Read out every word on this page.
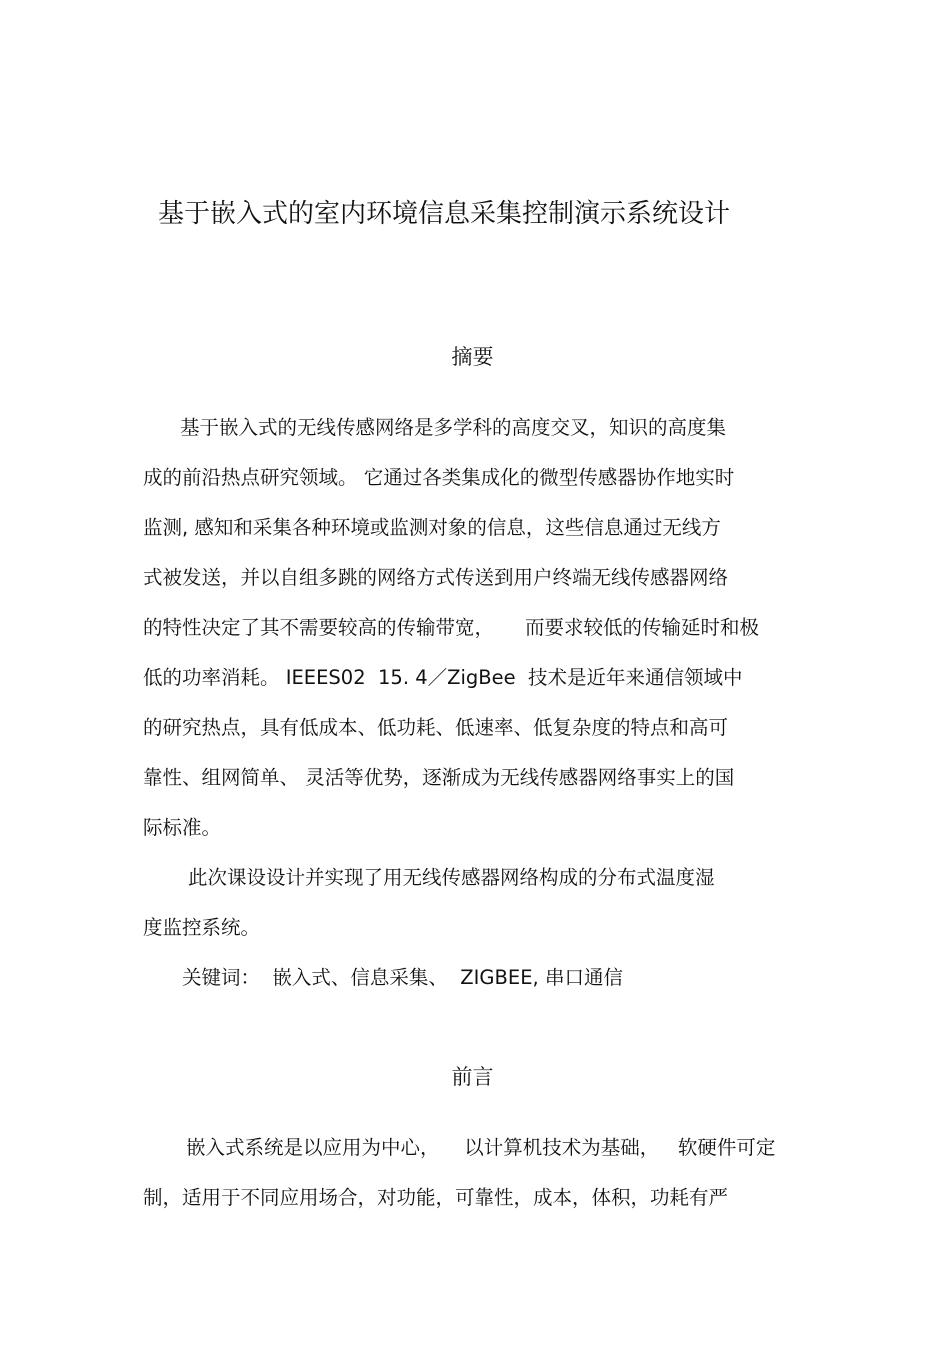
基于嵌入式的室内环境信息采集控制演示系统设计
摘要
基于嵌入式的无线传感网络是多学科的高度交叉，知识的高度集
成的前沿热点研究领域。 它通过各类集成化的微型传感器协作地实时
监测, 感知和采集各种环境或监测对象的信息，这些信息通过无线方
式被发送，并以自组多跳的网络方式传送到用户终端无线传感器网络
的特性决定了其不需要较高的传输带宽，     而要求较低的传输延时和极
低的功率消耗。 IEEES02  15. 4／ZigBee  技术是近年来通信领域中
的研究热点，具有低成本、低功耗、低速率、低复杂度的特点和高可
靠性、组网简单、 灵活等优势，逐渐成为无线传感器网络事实上的国
际标准。
此次课设设计并实现了用无线传感器网络构成的分布式温度湿
度监控系统。
关键词：  嵌入式、信息采集、  ZIGBEE, 串口通信
前言
嵌入式系统是以应用为中心，    以计算机技术为基础，   软硬件可定
制，适用于不同应用场合，对功能，可靠性，成本，体积，功耗有严
